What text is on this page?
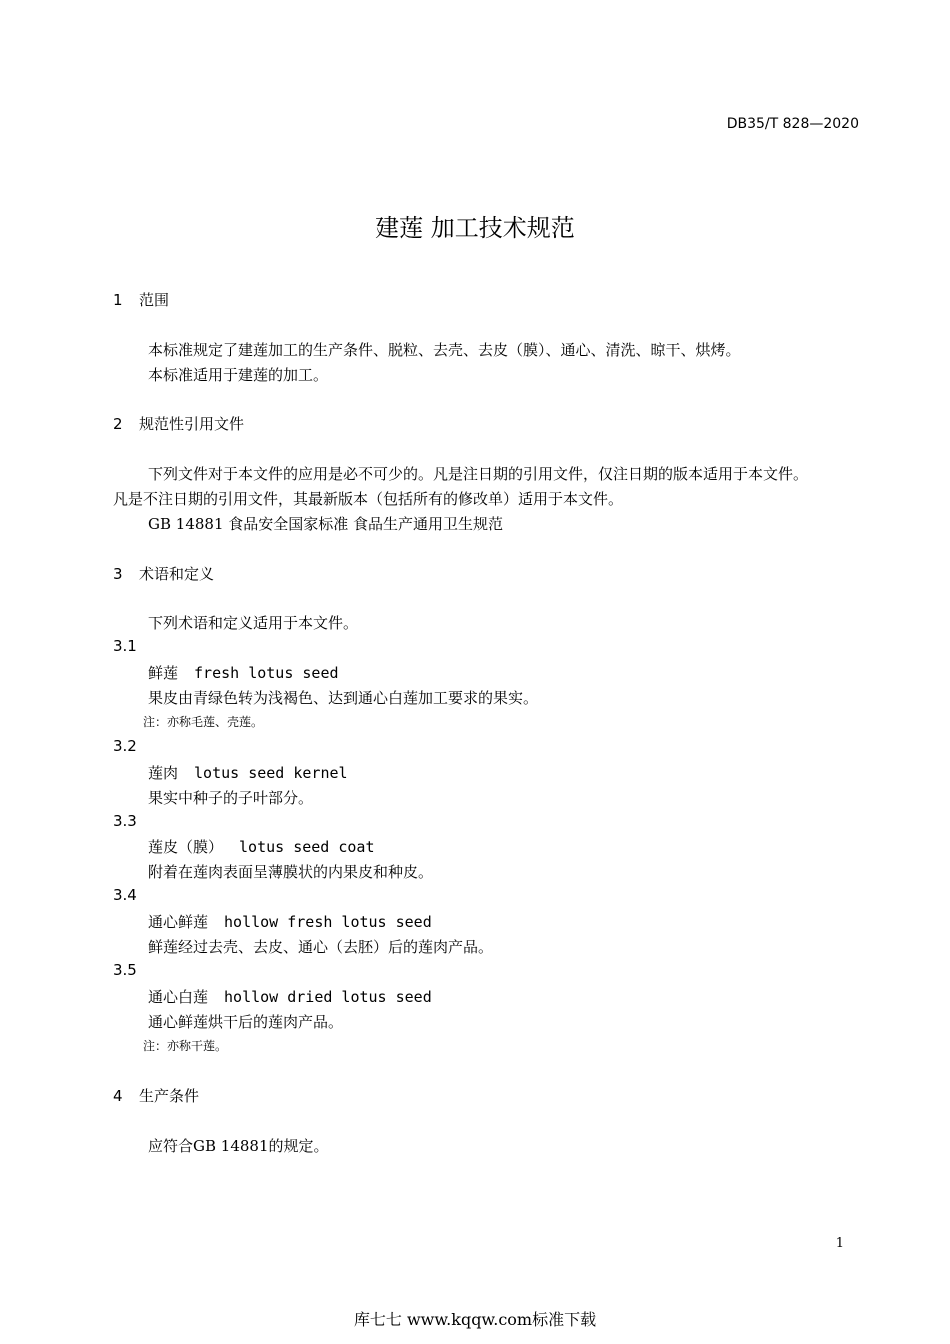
DB35/T 828—2020
建莲 加工技术规范
1 范围
本标准规定了建莲加工的生产条件、脱粒、去壳、去皮（膜）、通心、清洗、晾干、烘烤。
本标准适用于建莲的加工。
2 规范性引用文件
下列文件对于本文件的应用是必不可少的。凡是注日期的引用文件，仅注日期的版本适用于本文件。
凡是不注日期的引用文件，其最新版本（包括所有的修改单）适用于本文件。
GB 14881 食品安全国家标准 食品生产通用卫生规范
3 术语和定义
下列术语和定义适用于本文件。
3.1
鲜莲 fresh lotus seed
果皮由青绿色转为浅褐色、达到通心白莲加工要求的果实。
注：亦称毛莲、壳莲。
3.2
莲肉 lotus seed kernel
果实中种子的子叶部分。
3.3
莲皮（膜） lotus seed coat
附着在莲肉表面呈薄膜状的内果皮和种皮。
3.4
通心鲜莲 hollow fresh lotus seed
鲜莲经过去壳、去皮、通心（去胚）后的莲肉产品。
3.5
通心白莲 hollow dried lotus seed
通心鲜莲烘干后的莲肉产品。
注：亦称干莲。
4 生产条件
应符合GB 14881的规定。
1
库七七 www.kqqw.com标准下载
